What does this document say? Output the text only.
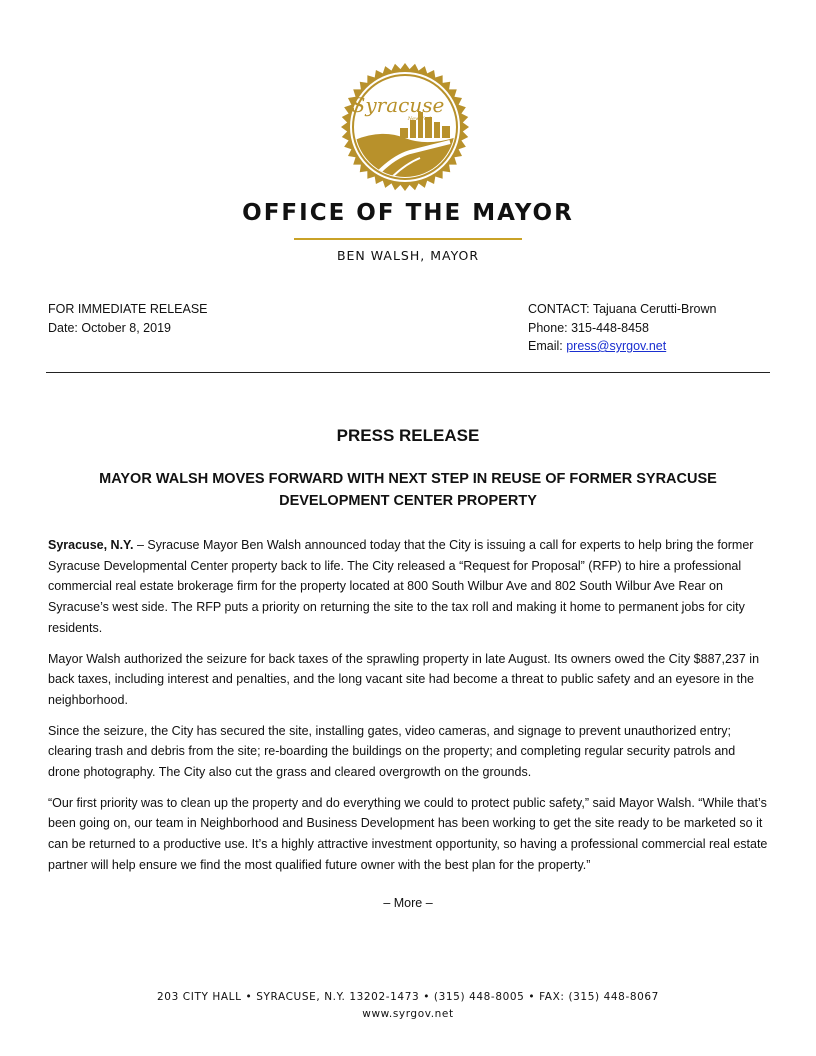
Syracuse
New York
OFFICE OF THE MAYOR
BEN WALSH, MAYOR
FOR IMMEDIATE RELEASE
Date: October 8, 2019
CONTACT: Tajuana Cerutti-Brown
Phone: 315-448-8458
Email: press@syrgov.net
PRESS RELEASE
MAYOR WALSH MOVES FORWARD WITH NEXT STEP IN REUSE OF FORMER SYRACUSE
DEVELOPMENT CENTER PROPERTY

Syracuse, N.Y. – Syracuse Mayor Ben Walsh announced today that the City is issuing a call for experts to help bring the former Syracuse Developmental Center property back to life. The City released a “Request for Proposal” (RFP) to hire a professional commercial real estate brokerage firm for the property located at 800 South Wilbur Ave and 802 South Wilbur Ave Rear on Syracuse’s west side. The RFP puts a priority on returning the site to the tax roll and making it home to permanent jobs for city residents.

Mayor Walsh authorized the seizure for back taxes of the sprawling property in late August. Its owners owed the City $887,237 in back taxes, including interest and penalties, and the long vacant site had become a threat to public safety and an eyesore in the neighborhood.

Since the seizure, the City has secured the site, installing gates, video cameras, and signage to prevent unauthorized entry; clearing trash and debris from the site; re-boarding the buildings on the property; and completing regular security patrols and drone photography. The City also cut the grass and cleared overgrowth on the grounds.

“Our first priority was to clean up the property and do everything we could to protect public safety,” said Mayor Walsh. “While that’s been going on, our team in Neighborhood and Business Development has been working to get the site ready to be marketed so it can be returned to a productive use. It’s a highly attractive investment opportunity, so having a professional commercial real estate partner will help ensure we find the most qualified future owner with the best plan for the property.”

– More –
203 CITY HALL • SYRACUSE, N.Y. 13202-1473 • (315) 448-8005 • FAX: (315) 448-8067
www.syrgov.net
